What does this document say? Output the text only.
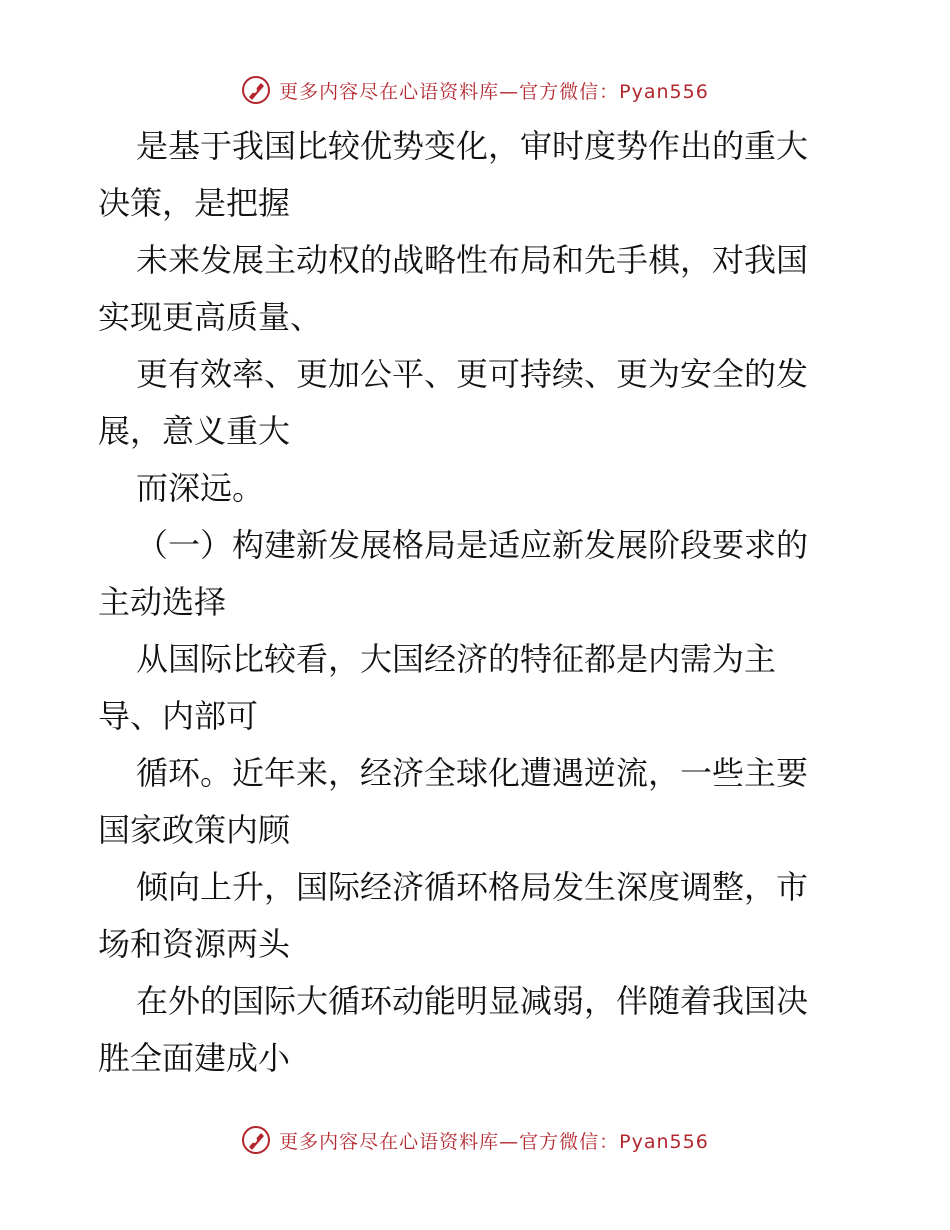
更多内容尽在心语资料库—官方微信：Pyan556

是基于我国比较优势变化，审时度势作出的重大

决策，是把握

未来发展主动权的战略性布局和先手棋，对我国

实现更高质量、

更有效率、更加公平、更可持续、更为安全的发

展，意义重大

而深远。

（一）构建新发展格局是适应新发展阶段要求的

主动选择

从国际比较看，大国经济的特征都是内需为主

导、内部可

循环。近年来，经济全球化遭遇逆流，一些主要

国家政策内顾

倾向上升，国际经济循环格局发生深度调整，市

场和资源两头

在外的国际大循环动能明显减弱，伴随着我国决

胜全面建成小

更多内容尽在心语资料库—官方微信：Pyan556
